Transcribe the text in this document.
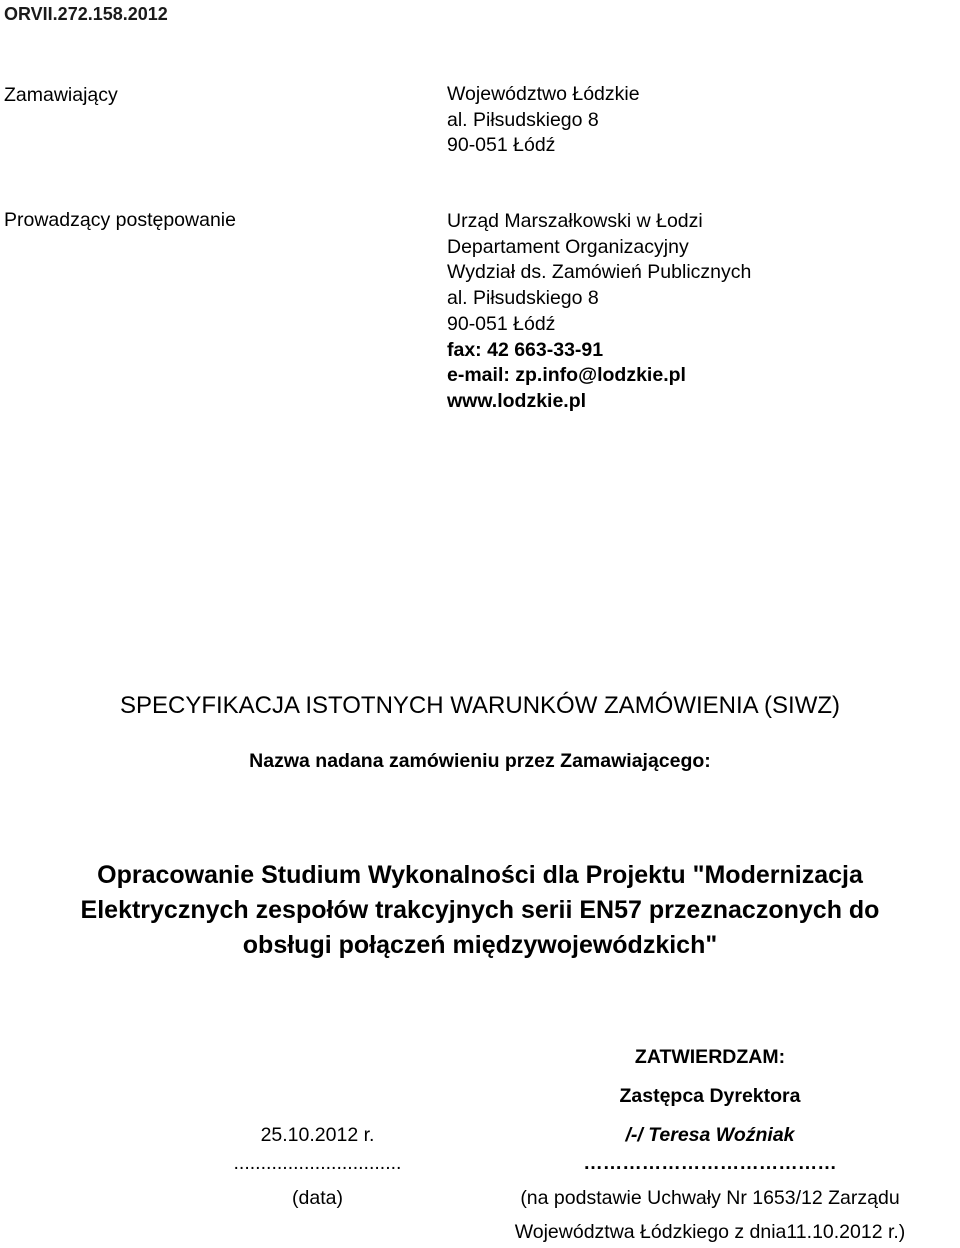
ORVII.272.158.2012
Zamawiający	Województwo Łódzkie
al. Piłsudskiego 8
90-051 Łódź
Prowadzący postępowanie	Urząd Marszałkowski w Łodzi
Departament Organizacyjny
Wydział ds. Zamówień Publicznych
al. Piłsudskiego 8
90-051 Łódź
fax: 42 663-33-91
e-mail: zp.info@lodzkie.pl
www.lodzkie.pl
SPECYFIKACJA ISTOTNYCH WARUNKÓW ZAMÓWIENIA (SIWZ)
Nazwa nadana zamówieniu przez Zamawiającego:
Opracowanie Studium Wykonalności dla Projektu "Modernizacja
Elektrycznych zespołów trakcyjnych serii EN57 przeznaczonych do
obsługi połączeń międzywojewódzkich"
ZATWIERDZAM:
Zastępca Dyrektora
/-/ Teresa Woźniak
…………………………………
(na podstawie Uchwały Nr 1653/12 Zarządu
Województwa Łódzkiego z dnia11.10.2012 r.)
25.10.2012 r.
...............................
(data)
